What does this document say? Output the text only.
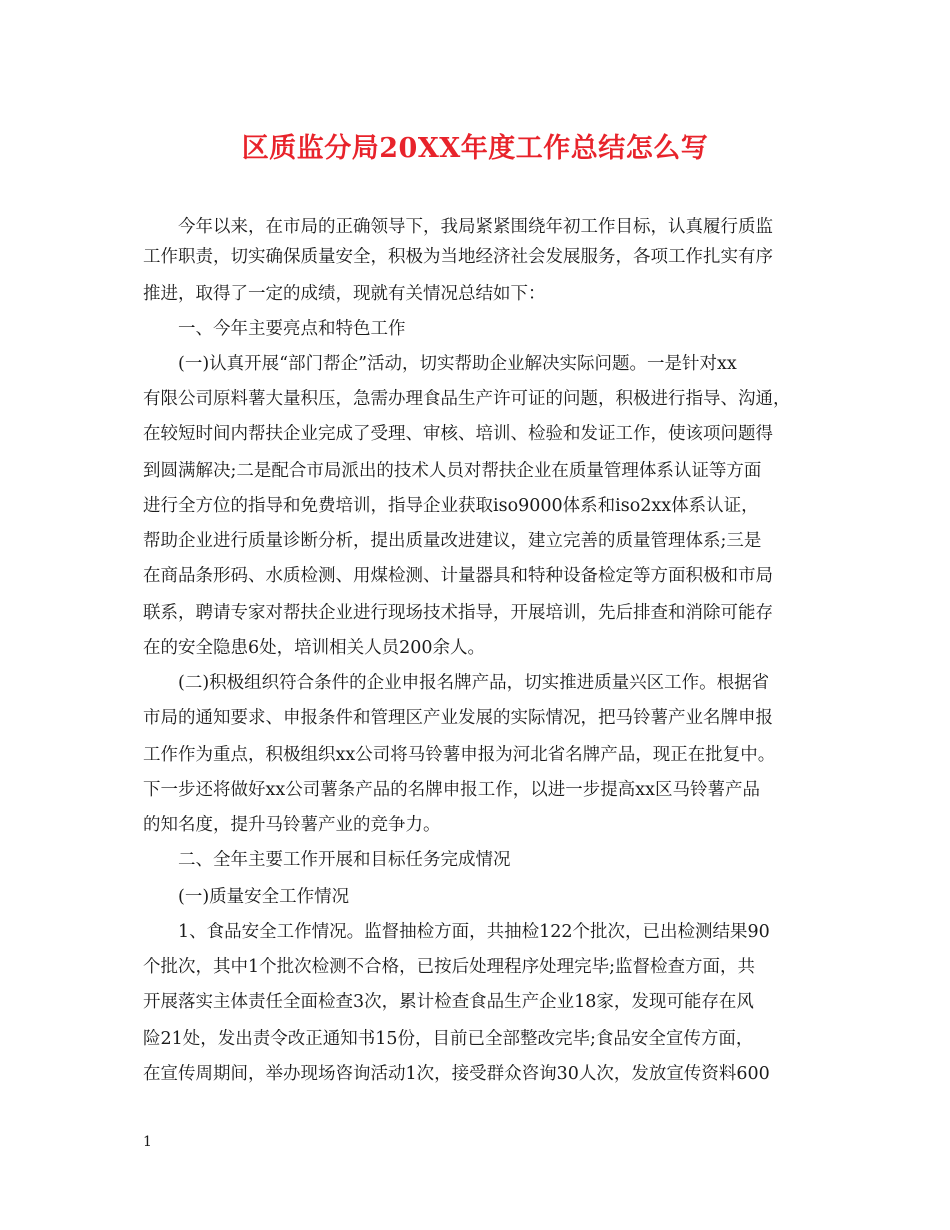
区质监分局20XX年度工作总结怎么写
今年以来，在市局的正确领导下，我局紧紧围绕年初工作目标，认真履行质监
工作职责，切实确保质量安全，积极为当地经济社会发展服务，各项工作扎实有序
推进，取得了一定的成绩，现就有关情况总结如下：
一、今年主要亮点和特色工作
(一)认真开展“部门帮企”活动，切实帮助企业解决实际问题。一是针对xx
有限公司原料薯大量积压，急需办理食品生产许可证的问题，积极进行指导、沟通，
在较短时间内帮扶企业完成了受理、审核、培训、检验和发证工作，使该项问题得
到圆满解决;二是配合市局派出的技术人员对帮扶企业在质量管理体系认证等方面
进行全方位的指导和免费培训，指导企业获取iso9000体系和iso2xx体系认证，
帮助企业进行质量诊断分析，提出质量改进建议，建立完善的质量管理体系;三是
在商品条形码、水质检测、用煤检测、计量器具和特种设备检定等方面积极和市局
联系，聘请专家对帮扶企业进行现场技术指导，开展培训，先后排查和消除可能存
在的安全隐患6处，培训相关人员200余人。
(二)积极组织符合条件的企业申报名牌产品，切实推进质量兴区工作。根据省
市局的通知要求、申报条件和管理区产业发展的实际情况，把马铃薯产业名牌申报
工作作为重点，积极组织xx公司将马铃薯申报为河北省名牌产品，现正在批复中。
下一步还将做好xx公司薯条产品的名牌申报工作，以进一步提高xx区马铃薯产品
的知名度，提升马铃薯产业的竞争力。
二、全年主要工作开展和目标任务完成情况
(一)质量安全工作情况
1、食品安全工作情况。监督抽检方面，共抽检122个批次，已出检测结果90
个批次，其中1个批次检测不合格，已按后处理程序处理完毕;监督检查方面，共
开展落实主体责任全面检查3次，累计检查食品生产企业18家，发现可能存在风
险21处，发出责令改正通知书15份，目前已全部整改完毕;食品安全宣传方面，
在宣传周期间，举办现场咨询活动1次，接受群众咨询30人次，发放宣传资料600
1
